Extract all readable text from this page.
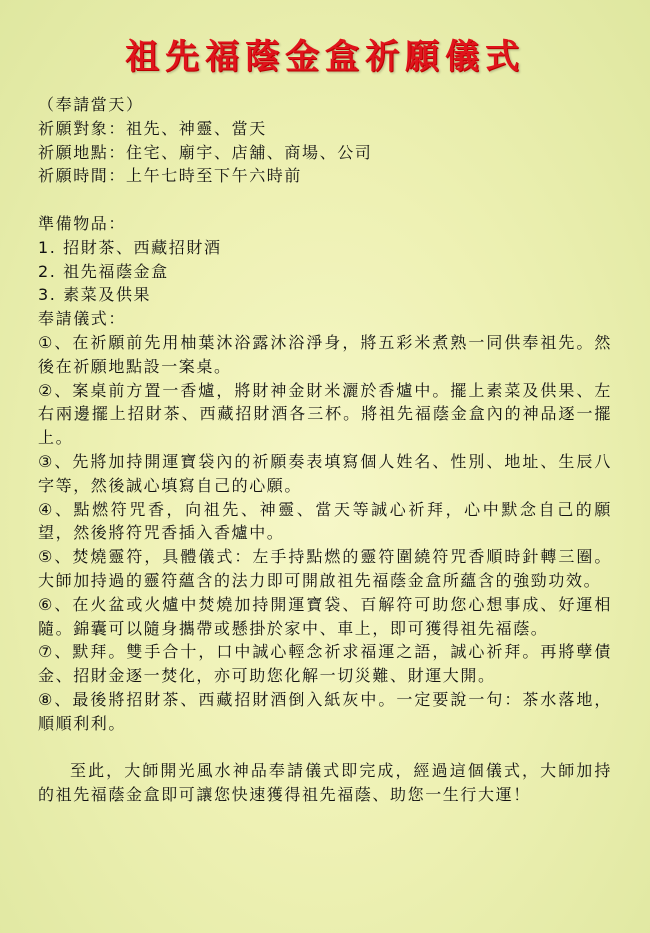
祖先福蔭金盒祈願儀式
（奉請當天）
祈願對象：祖先、神靈、當天
祈願地點：住宅、廟宇、店舖、商場、公司
祈願時間：上午七時至下午六時前
準備物品：
1. 招財茶、西藏招財酒
2. 祖先福蔭金盒
3. 素菜及供果
奉請儀式：
①、在祈願前先用柚葉沐浴露沐浴淨身，將五彩米煮熟一同供奉祖先。然後在祈願地點設一案桌。
②、案桌前方置一香爐，將財神金財米灑於香爐中。擺上素菜及供果、左右兩邊擺上招財茶、西藏招財酒各三杯。將祖先福蔭金盒內的神品逐一擺上。
③、先將加持開運寶袋內的祈願奏表填寫個人姓名、性別、地址、生辰八字等，然後誠心填寫自己的心願。
④、點燃符咒香，向祖先、神靈、當天等誠心祈拜，心中默念自己的願望，然後將符咒香插入香爐中。
⑤、焚燒靈符，具體儀式：左手持點燃的靈符圍繞符咒香順時針轉三圈。大師加持過的靈符蘊含的法力即可開啟祖先福蔭金盒所蘊含的強勁功效。
⑥、在火盆或火爐中焚燒加持開運寶袋、百解符可助您心想事成、好運相隨。錦囊可以隨身攜帶或懸掛於家中、車上，即可獲得祖先福蔭。
⑦、默拜。雙手合十，口中誠心輕念祈求福運之語，誠心祈拜。再將孽債金、招財金逐一焚化，亦可助您化解一切災難、財運大開。
⑧、最後將招財茶、西藏招財酒倒入紙灰中。一定要說一句：茶水落地，順順利利。
至此，大師開光風水神品奉請儀式即完成，經過這個儀式，大師加持的祖先福蔭金盒即可讓您快速獲得祖先福蔭、助您一生行大運！
